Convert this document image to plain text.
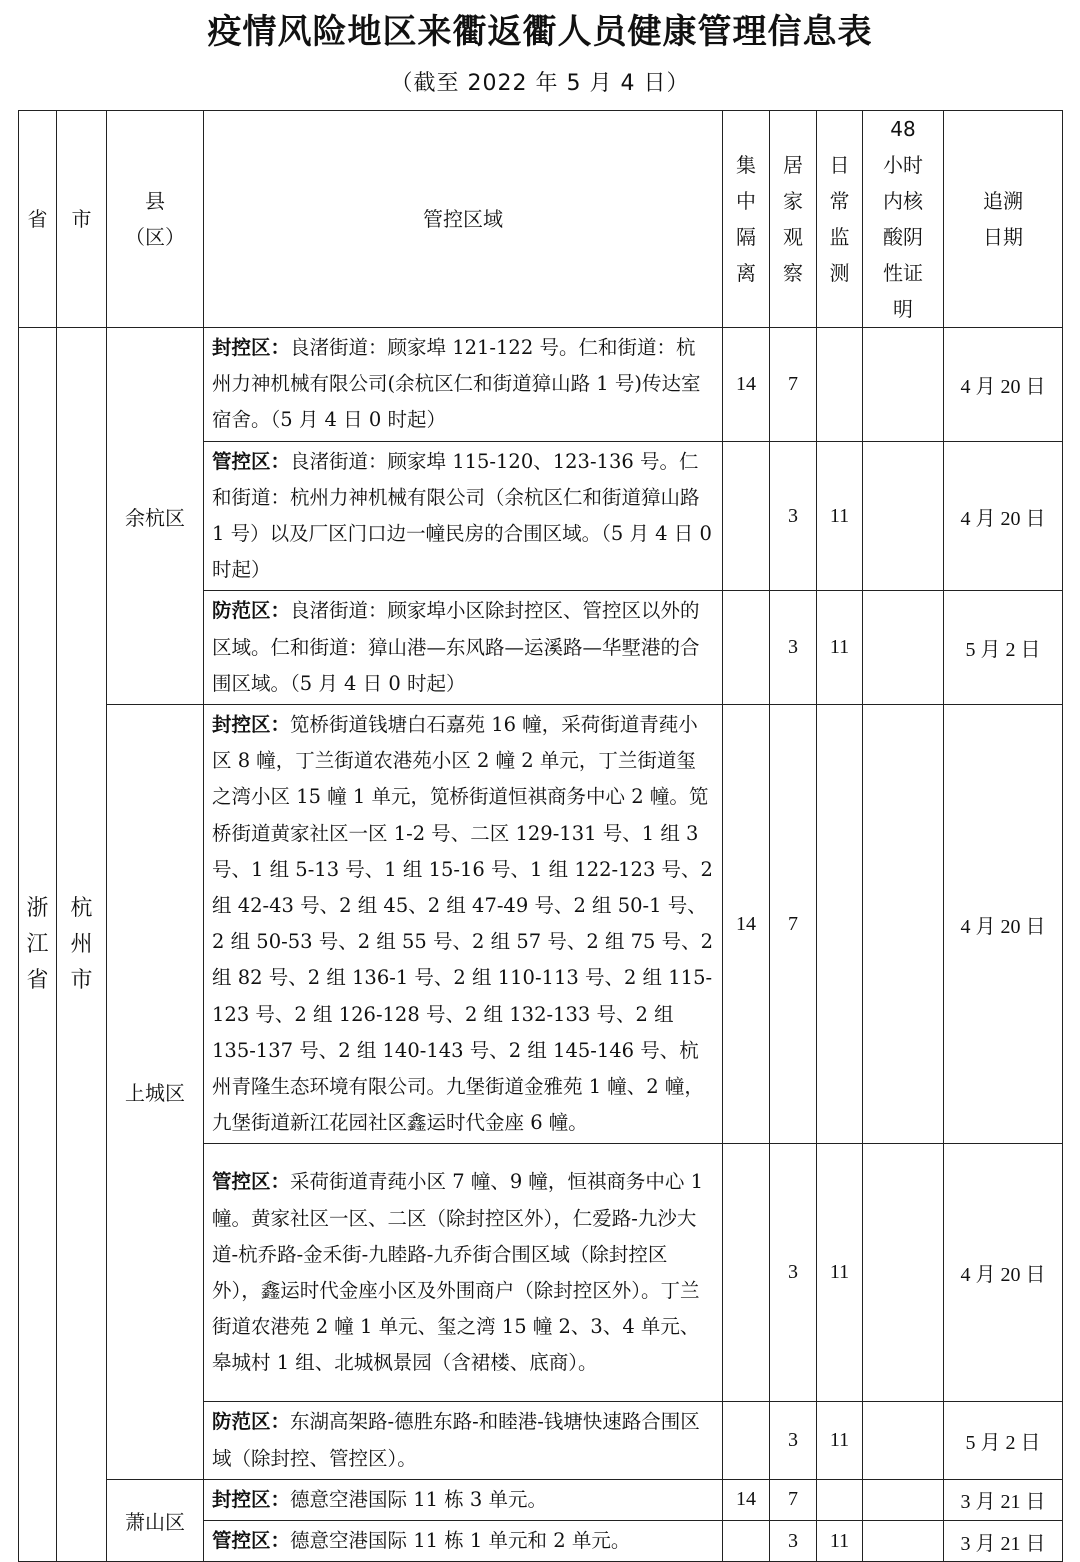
疫情风险地区来衢返衢人员健康管理信息表
（截至 2022 年 5 月 4 日）
省	市	县（区）	管控区域	集中隔离	居家观察	日常监测	48小时内核酸阴性证明	追溯日期
浙江省	杭州市	余杭区	封控区：良渚街道：顾家埠 121-122 号。仁和街道：杭州力神机械有限公司(余杭区仁和街道獐山路 1 号)传达室宿舍。（5 月 4 日 0 时起）	14	7			4 月 20 日
			管控区：良渚街道：顾家埠 115-120、123-136 号。仁和街道：杭州力神机械有限公司（余杭区仁和街道獐山路 1 号）以及厂区门口边一幢民房的合围区域。（5 月 4 日 0 时起）		3	11		4 月 20 日
			防范区：良渚街道：顾家埠小区除封控区、管控区以外的区域。仁和街道：獐山港—东风路—运溪路—华墅港的合围区域。（5 月 4 日 0 时起）		3	11		5 月 2 日
		上城区	封控区：笕桥街道钱塘白石嘉苑 16 幢，采荷街道青莼小区 8 幢，丁兰街道农港苑小区 2 幢 2 单元，丁兰街道玺之湾小区 15 幢 1 单元，笕桥街道恒祺商务中心 2 幢。笕桥街道黄家社区一区 1-2 号、二区 129-131 号、1 组 3 号、1 组 5-13 号、1 组 15-16 号、1 组 122-123 号、2 组 42-43 号、2 组 45、2 组 47-49 号、2 组 50-1 号、2 组 50-53 号、2 组 55 号、2 组 57 号、2 组 75 号、2 组 82 号、2 组 136-1 号、2 组 110-113 号、2 组 115-123 号、2 组 126-128 号、2 组 132-133 号、2 组 135-137 号、2 组 140-143 号、2 组 145-146 号、杭州青隆生态环境有限公司。九堡街道金雅苑 1 幢、2 幢，九堡街道新江花园社区鑫运时代金座 6 幢。	14	7			4 月 20 日
			管控区：采荷街道青莼小区 7 幢、9 幢，恒祺商务中心 1 幢。黄家社区一区、二区（除封控区外），仁爱路-九沙大道-杭乔路-金禾街-九睦路-九乔街合围区域（除封控区外），鑫运时代金座小区及外围商户（除封控区外）。丁兰街道农港苑 2 幢 1 单元、玺之湾 15 幢 2、3、4 单元、皋城村 1 组、北城枫景园（含裙楼、底商）。		3	11		4 月 20 日
			防范区：东湖高架路-德胜东路-和睦港-钱塘快速路合围区域（除封控、管控区）。		3	11		5 月 2 日
		萧山区	封控区：德意空港国际 11 栋 3 单元。	14	7			3 月 21 日
			管控区：德意空港国际 11 栋 1 单元和 2 单元。		3	11		3 月 21 日
